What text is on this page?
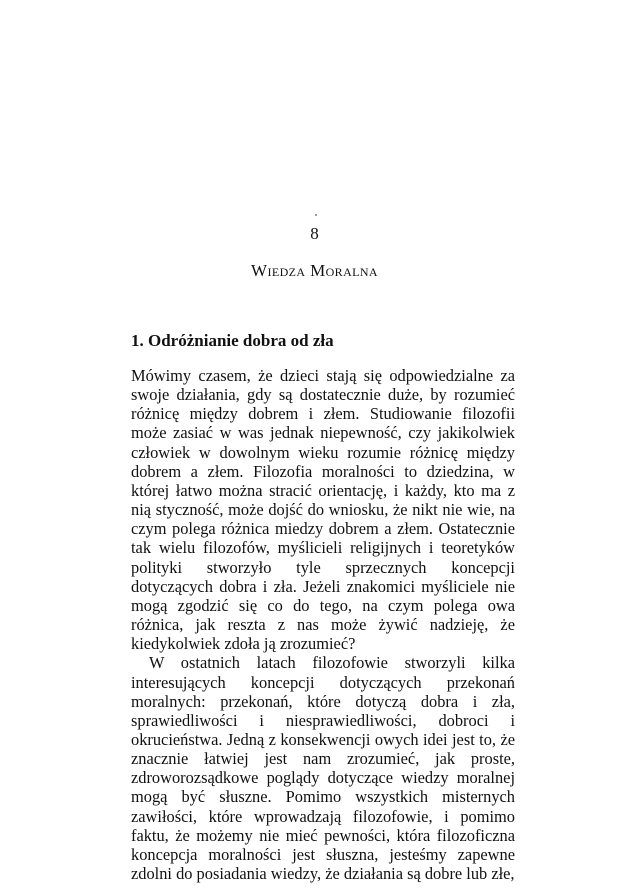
8
Wiedza Moralna
1. Odróżnianie dobra od zła

Mówimy czasem, że dzieci stają się odpowiedzialne za swoje działania, gdy są dostatecznie duże, by rozumieć różnicę między dobrem i złem. Studiowanie filozofii może zasiać w was jednak niepewność, czy jakikolwiek człowiek w dowolnym wieku rozumie różnicę między dobrem a złem. Filozofia moralności to dziedzina, w której łatwo można stracić orientację, i każdy, kto ma z nią styczność, może dojść do wniosku, że nikt nie wie, na czym polega różnica miedzy dobrem a złem. Ostatecznie tak wielu filozofów, myślicieli religijnych i teoretyków polityki stworzyło tyle sprzecznych koncepcji dotyczących dobra i zła. Jeżeli znakomici myśliciele nie mogą zgodzić się co do tego, na czym polega owa różnica, jak reszta z nas może żywić nadzieję, że kiedykolwiek zdoła ją zrozumieć?

W ostatnich latach filozofowie stworzyli kilka interesujących koncepcji dotyczących przekonań moralnych: przekonań, które dotyczą dobra i zła, sprawiedliwości i niesprawiedliwości, dobroci i okrucieństwa. Jedną z konsekwencji owych idei jest to, że znacznie łatwiej jest nam zrozumieć, jak proste, zdroworozsądkowe poglądy dotyczące wiedzy moralnej mogą być słuszne. Pomimo wszystkich misternych zawiłości, które wprowadzają filozofowie, i pomimo faktu, że możemy nie mieć pewności, która filozoficzna koncepcja moralności jest słuszna, jesteśmy zapewne zdolni do posiadania wiedzy, że działania są dobre lub złe,
